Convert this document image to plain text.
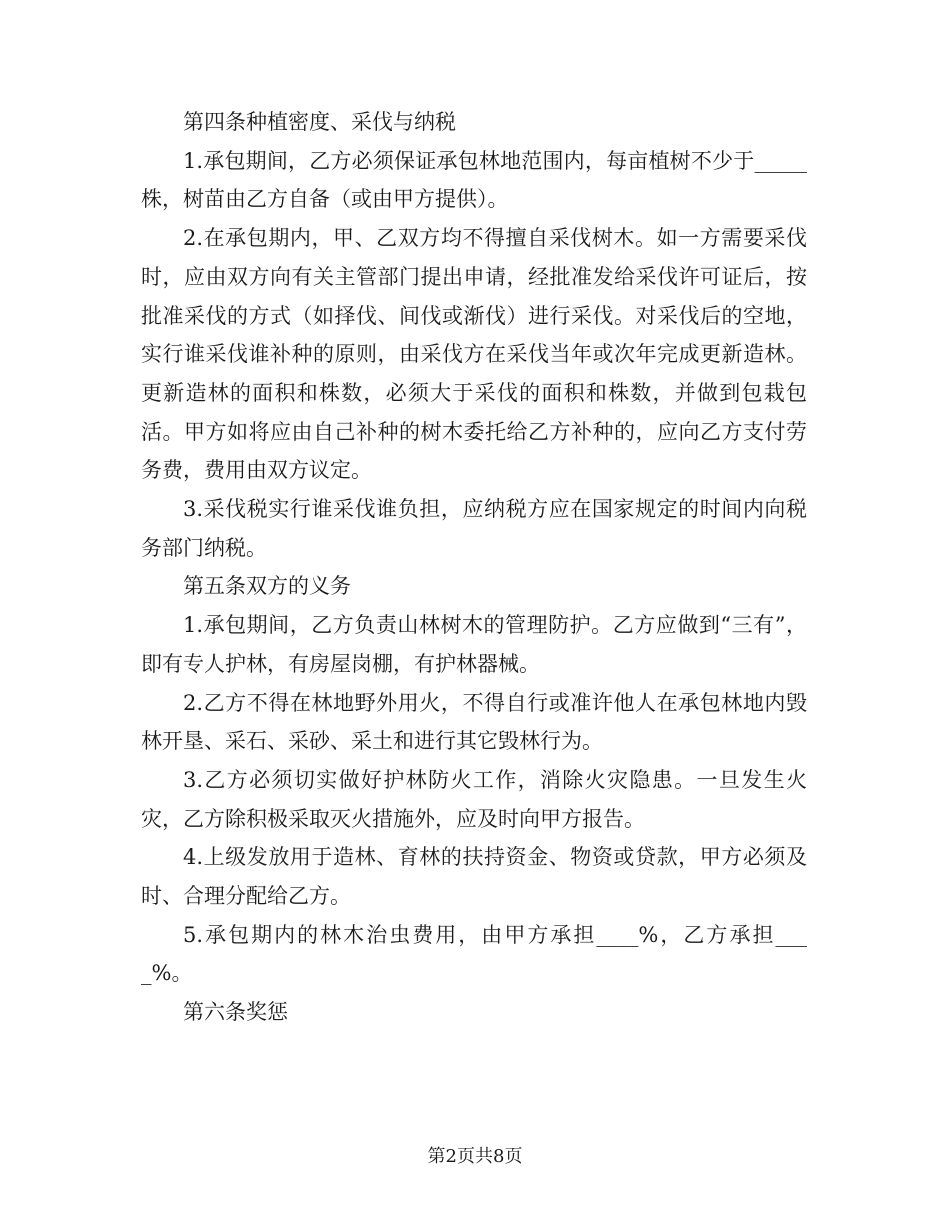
第四条种植密度、采伐与纳税

1.承包期间，乙方必须保证承包林地范围内，每亩植树不少于_____株，树苗由乙方自备（或由甲方提供）。

2.在承包期内，甲、乙双方均不得擅自采伐树木。如一方需要采伐时，应由双方向有关主管部门提出申请，经批准发给采伐许可证后，按批准采伐的方式（如择伐、间伐或渐伐）进行采伐。对采伐后的空地，实行谁采伐谁补种的原则，由采伐方在采伐当年或次年完成更新造林。更新造林的面积和株数，必须大于采伐的面积和株数，并做到包栽包活。甲方如将应由自己补种的树木委托给乙方补种的，应向乙方支付劳务费，费用由双方议定。

3.采伐税实行谁采伐谁负担，应纳税方应在国家规定的时间内向税务部门纳税。

第五条双方的义务

1.承包期间，乙方负责山林树木的管理防护。乙方应做到“三有”，即有专人护林，有房屋岗棚，有护林器械。

2.乙方不得在林地野外用火，不得自行或准许他人在承包林地内毁林开垦、采石、采砂、采土和进行其它毁林行为。

3.乙方必须切实做好护林防火工作，消除火灾隐患。一旦发生火灾，乙方除积极采取灭火措施外，应及时向甲方报告。

4.上级发放用于造林、育林的扶持资金、物资或贷款，甲方必须及时、合理分配给乙方。

5.承包期内的林木治虫费用，由甲方承担____%，乙方承担____%。

第六条奖惩

第2页共8页
